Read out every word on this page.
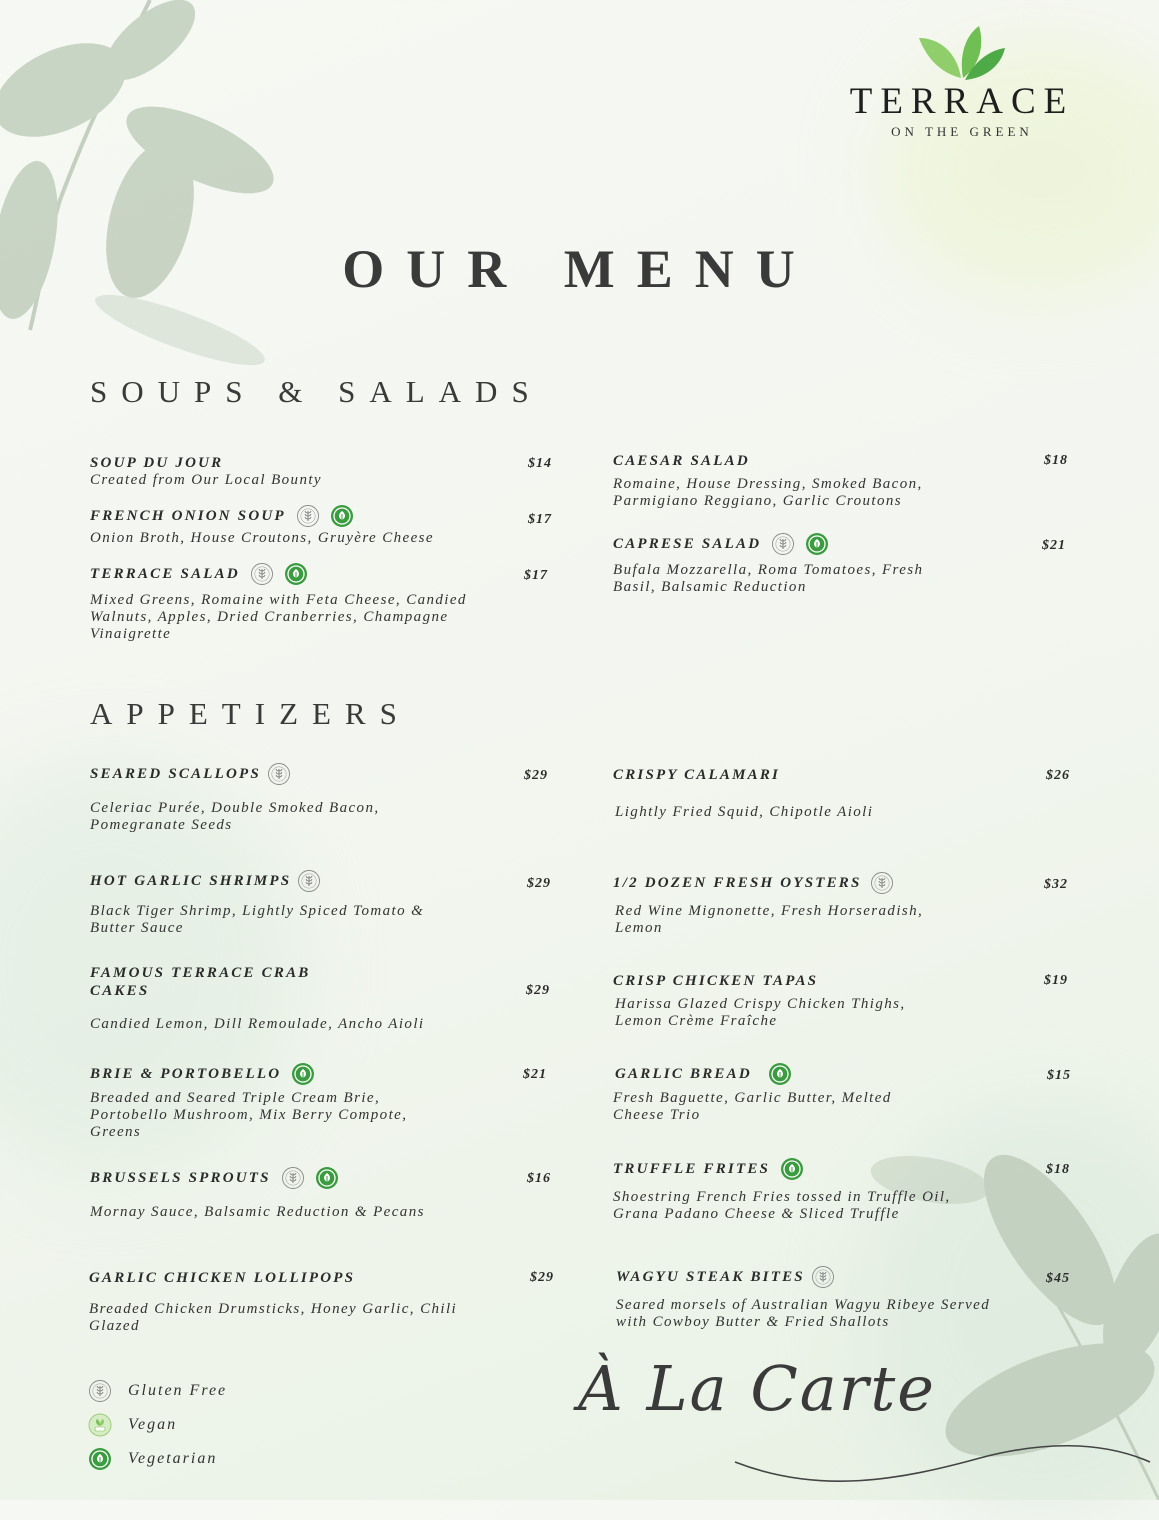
TERRACE
ON THE GREEN
OUR MENU
SOUPS & SALADS
SOUP DU JOUR
Created from Our Local Bounty
$14
FRENCH ONION SOUP

Onion Broth, House Croutons, Gruyère Cheese
$17
TERRACE SALAD

Mixed Greens, Romaine with Feta Cheese, Candied Walnuts, Apples, Dried Cranberries, Champagne Vinaigrette
$17
CAESAR SALAD
Romaine, House Dressing, Smoked Bacon, Parmigiano Reggiano, Garlic Croutons
$18
CAPRESE SALAD

Bufala Mozzarella, Roma Tomatoes, Fresh Basil, Balsamic Reduction
$21
APPETIZERS
SEARED SCALLOPS
Celeriac Purée, Double Smoked Bacon, Pomegranate Seeds
$29
HOT GARLIC SHRIMPS
Black Tiger Shrimp, Lightly Spiced Tomato & Butter Sauce
$29
FAMOUS TERRACE CRAB CAKES
Candied Lemon, Dill Remoulade, Ancho Aioli
$29
BRIE & PORTOBELLO
Breaded and Seared Triple Cream Brie, Portobello Mushroom, Mix Berry Compote, Greens
$21
BRUSSELS SPROUTS

Mornay Sauce, Balsamic Reduction & Pecans
$16
GARLIC CHICKEN LOLLIPOPS
Breaded Chicken Drumsticks, Honey Garlic, Chili Glazed
$29
CRISPY CALAMARI
Lightly Fried Squid, Chipotle Aioli
$26
1/2 DOZEN FRESH OYSTERS
Red Wine Mignonette, Fresh Horseradish, Lemon
$32
CRISP CHICKEN TAPAS
Harissa Glazed Crispy Chicken Thighs, Lemon Crème Fraîche
$19
GARLIC BREAD
Fresh Baguette, Garlic Butter, Melted Cheese Trio
$15
TRUFFLE FRITES
Shoestring French Fries tossed in Truffle Oil, Grana Padano Cheese & Sliced Truffle
$18
WAGYU STEAK BITES
Seared morsels of Australian Wagyu Ribeye Served with Cowboy Butter & Fried Shallots
$45
Gluten Free
Vegan
Vegetarian
À La Carte
